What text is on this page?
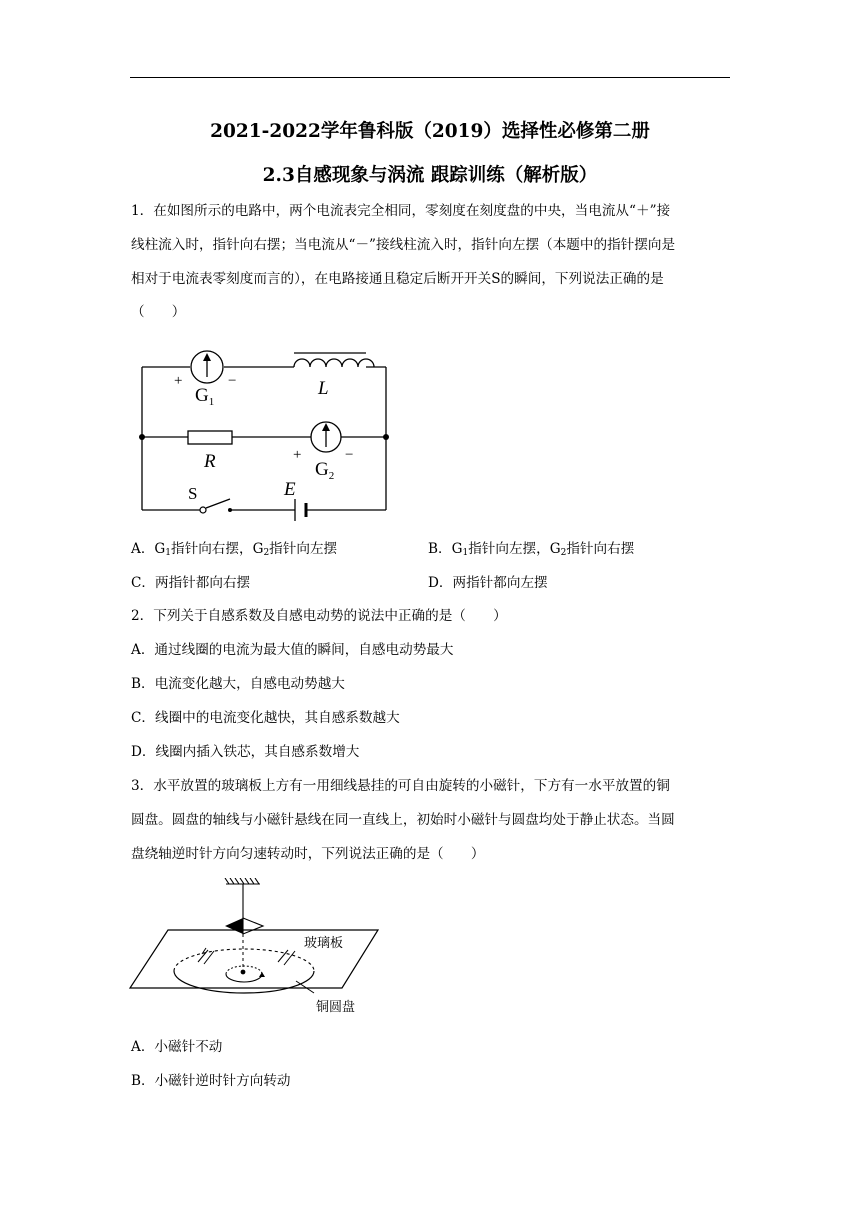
2021-2022学年鲁科版（2019）选择性必修第二册
2.3自感现象与涡流 跟踪训练（解析版）
1．在如图所示的电路中，两个电流表完全相同，零刻度在刻度盘的中央，当电流从“＋”接
线柱流入时，指针向右摆；当电流从“－”接线柱流入时，指针向左摆（本题中的指针摆向是
相对于电流表零刻度而言的），在电路接通且稳定后断开开关S的瞬间，下列说法正确的是
（　　）
+	−
$G_1$
L
R	+	−
$G_2$
S	E
A．$G_1$指针向右摆，$G_2$指针向左摆	B．$G_1$指针向左摆，$G_2$指针向右摆
C．两指针都向右摆	D．两指针都向左摆
2．下列关于自感系数及自感电动势的说法中正确的是（　　）
A．通过线圈的电流为最大值的瞬间，自感电动势最大
B．电流变化越大，自感电动势越大
C．线圈中的电流变化越快，其自感系数越大
D．线圈内插入铁芯，其自感系数增大
3．水平放置的玻璃板上方有一用细线悬挂的可自由旋转的小磁针，下方有一水平放置的铜
圆盘。圆盘的轴线与小磁针悬线在同一直线上，初始时小磁针与圆盘均处于静止状态。当圆
盘绕轴逆时针方向匀速转动时，下列说法正确的是（　　）
玻璃板
铜圆盘
A．小磁针不动
B．小磁针逆时针方向转动
